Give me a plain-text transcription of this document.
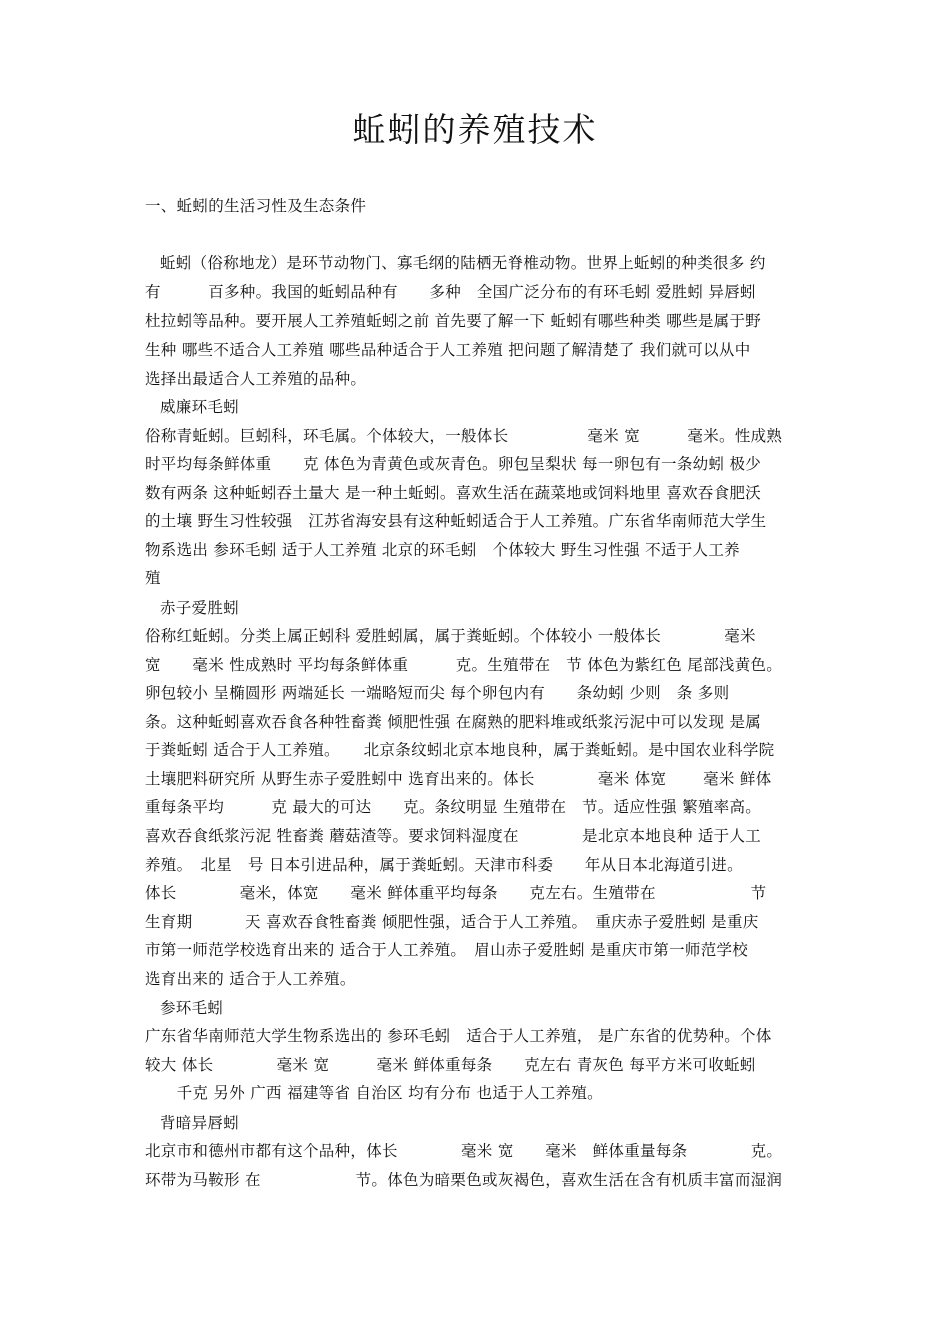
蚯蚓的养殖技术
一、蚯蚓的生活习性及生态条件
蚯蚓（俗称地龙）是环节动物门、寡毛纲的陆栖无脊椎动物。世界上蚯蚓的种类很多 约
有　　　百多种。我国的蚯蚓品种有　　多种　全国广泛分布的有环毛蚓 爱胜蚓 异唇蚓
杜拉蚓等品种。要开展人工养殖蚯蚓之前 首先要了解一下 蚯蚓有哪些种类 哪些是属于野
生种 哪些不适合人工养殖 哪些品种适合于人工养殖 把问题了解清楚了 我们就可以从中
选择出最适合人工养殖的品种。
威廉环毛蚓
俗称青蚯蚓。巨蚓科，环毛属。个体较大，一般体长　　　　　毫米 宽　　　毫米。性成熟
时平均每条鲜体重　　克 体色为青黄色或灰青色。卵包呈梨状 每一卵包有一条幼蚓 极少
数有两条 这种蚯蚓吞土量大 是一种土蚯蚓。喜欢生活在蔬菜地或饲料地里 喜欢吞食肥沃
的土壤 野生习性较强　江苏省海安县有这种蚯蚓适合于人工养殖。广东省华南师范大学生
物系选出 参环毛蚓 适于人工养殖 北京的环毛蚓　个体较大 野生习性强 不适于人工养
殖
赤子爱胜蚓
俗称红蚯蚓。分类上属正蚓科 爱胜蚓属，属于粪蚯蚓。个体较小 一般体长　　　　毫米
宽　　毫米 性成熟时 平均每条鲜体重　　　克。生殖带在　节 体色为紫红色 尾部浅黄色。
卵包较小 呈椭圆形 两端延长 一端略短而尖 每个卵包内有　　条幼蚓 少则　条 多则
条。这种蚯蚓喜欢吞食各种牲畜粪 倾肥性强 在腐熟的肥料堆或纸浆污泥中可以发现 是属
于粪蚯蚓 适合于人工养殖。　　北京条纹蚓北京本地良种，属于粪蚯蚓。是中国农业科学院
土壤肥料研究所 从野生赤子爱胜蚓中 选育出来的。体长　　　　毫米 体宽　　 毫米 鲜体
重每条平均　　　克 最大的可达　　克。条纹明显 生殖带在　节。适应性强 繁殖率高。
喜欢吞食纸浆污泥 牲畜粪 蘑菇渣等。要求饲料湿度在　　　　是北京本地良种 适于人工
养殖。　北星　号 日本引进品种，属于粪蚯蚓。天津市科委　　年从日本北海道引进。
体长　　　　毫米，体宽　　毫米 鲜体重平均每条　　克左右。生殖带在　　　　　　节
生育期　　　 天 喜欢吞食牲畜粪 倾肥性强，适合于人工养殖。　重庆赤子爱胜蚓 是重庆
市第一师范学校选育出来的 适合于人工养殖。　眉山赤子爱胜蚓 是重庆市第一师范学校
选育出来的 适合于人工养殖。
参环毛蚓
广东省华南师范大学生物系选出的 参环毛蚓　适合于人工养殖， 是广东省的优势种。个体
较大 体长　　　　毫米 宽　　　毫米 鲜体重每条　　克左右 青灰色 每平方米可收蚯蚓
　　千克 另外 广西 福建等省 自治区 均有分布 也适于人工养殖。
背暗异唇蚓
北京市和德州市都有这个品种，体长　　　　毫米 宽　　毫米　鲜体重量每条　　　　克。
环带为马鞍形 在　　　　　　节。体色为暗栗色或灰褐色，喜欢生活在含有机质丰富而湿润
